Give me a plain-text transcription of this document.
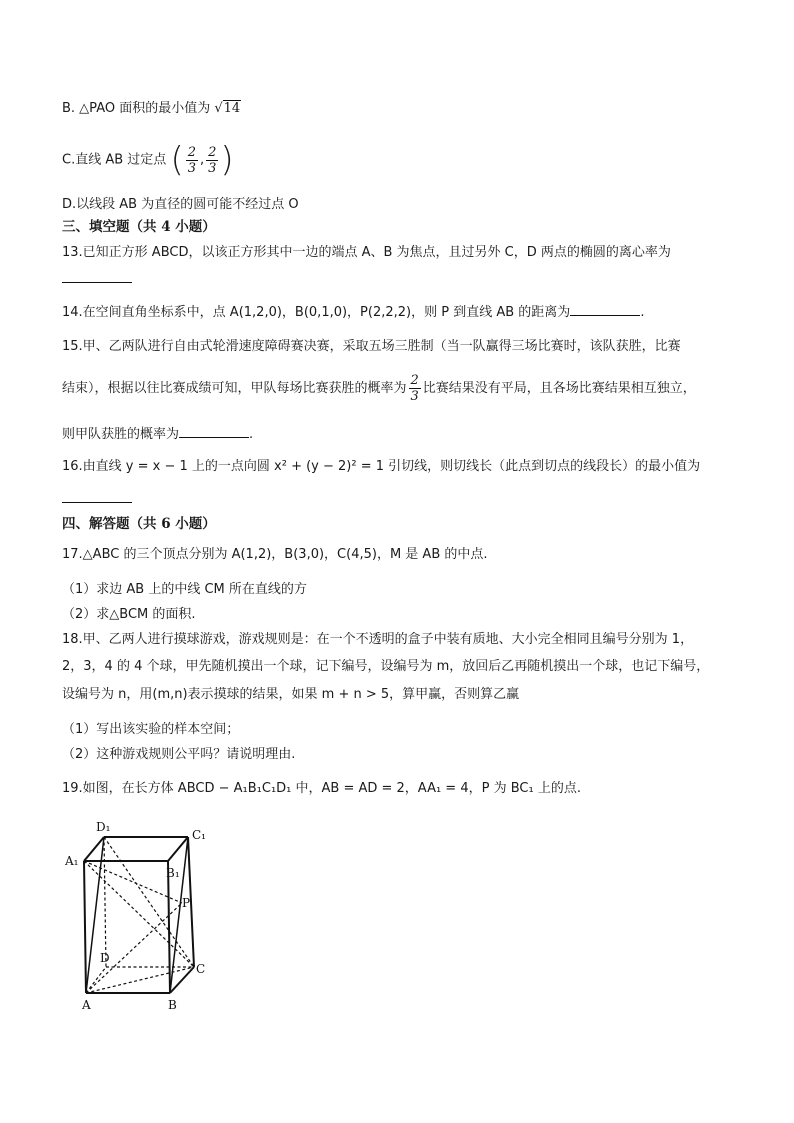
B. △PAO 面积的最小值为 √14
C.直线 AB 过定点 ( $\frac{2}{3}$ , $\frac{2}{3}$ )
D.以线段 AB 为直径的圆可能不经过点 O
三、填空题（共 4 小题）
13.已知正方形 ABCD，以该正方形其中一边的端点 A、B 为焦点，且过另外 C，D 两点的椭圆的离心率为
14.在空间直角坐标系中，点 A(1,2,0)，B(0,1,0)，P(2,2,2)，则 P 到直线 AB 的距离为	.
15.甲、乙两队进行自由式轮滑速度障碍赛决赛，采取五场三胜制（当一队赢得三场比赛时，该队获胜，比赛
结束），根据以往比赛成绩可知，甲队每场比赛获胜的概率为 $\frac{2}{3}$ 比赛结果没有平局，且各场比赛结果相互独立，
则甲队获胜的概率为	.
16.由直线 y = x − 1 上的一点向圆 x² + (y − 2)² = 1 引切线，则切线长（此点到切点的线段长）的最小值为
四、解答题（共 6 小题）
17.△ABC 的三个顶点分别为 A(1,2)，B(3,0)，C(4,5)，M 是 AB 的中点.
（1）求边 AB 上的中线 CM 所在直线的方
（2）求△BCM 的面积.
18.甲、乙两人进行摸球游戏，游戏规则是：在一个不透明的盒子中装有质地、大小完全相同且编号分别为 1，
2，3，4 的 4 个球，甲先随机摸出一个球，记下编号，设编号为 m，放回后乙再随机摸出一个球，也记下编号，
设编号为 n，用(m,n)表示摸球的结果，如果 m + n > 5，算甲赢，否则算乙赢
（1）写出该实验的样本空间；
（2）这种游戏规则公平吗？请说明理由.
19.如图，在长方体 ABCD − A₁B₁C₁D₁ 中，AB = AD = 2，AA₁ = 4，P 为 BC₁ 上的点.
D₁
C₁
A₁
B₁
P
D
C
A	B
